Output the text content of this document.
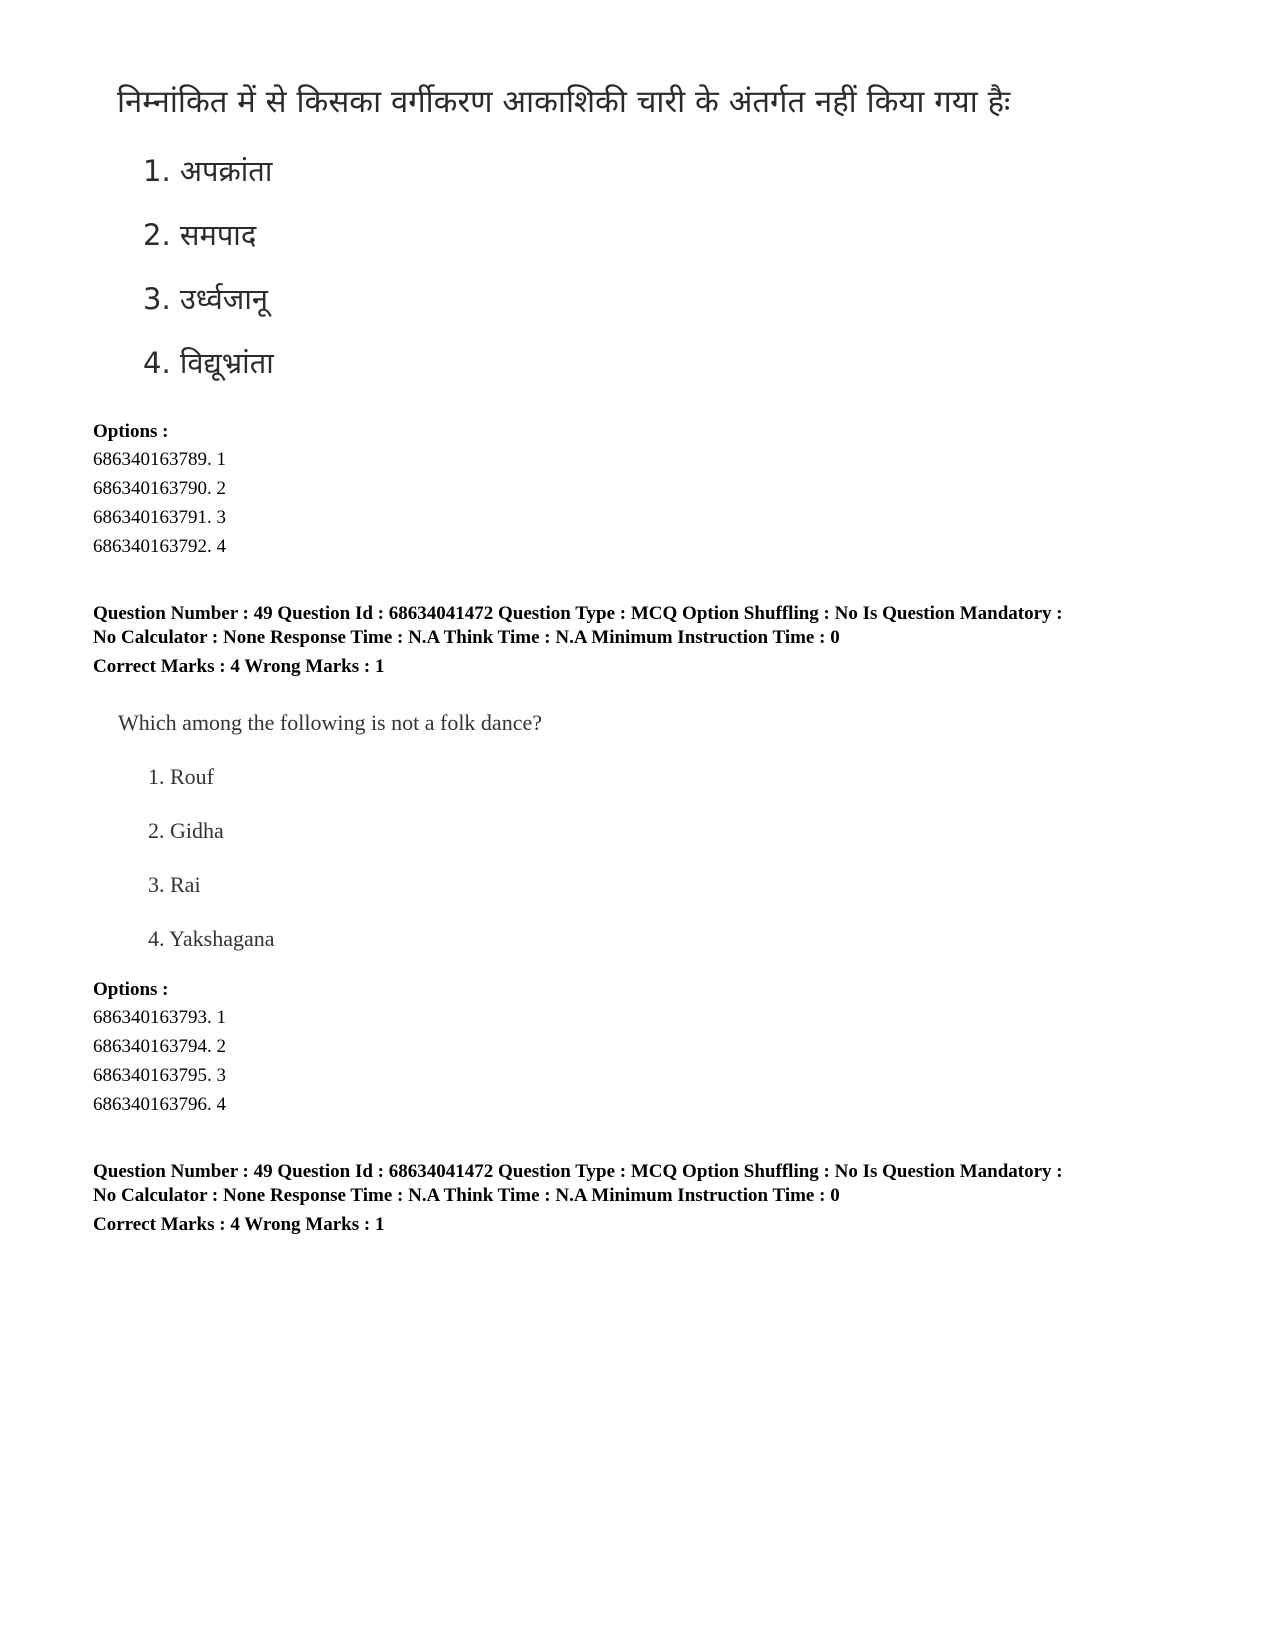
निम्नांकित में से किसका वर्गीकरण आकाशिकी चारी के अंतर्गत नहीं किया गया हैः
1. अपक्रांता
2. समपाद
3. उर्ध्वजानू
4. विद्यूभ्रांता
Options :
686340163789. 1
686340163790. 2
686340163791. 3
686340163792. 4
Question Number : 49 Question Id : 68634041472 Question Type : MCQ Option Shuffling : No Is Question Mandatory :
No Calculator : None Response Time : N.A Think Time : N.A Minimum Instruction Time : 0
Correct Marks : 4 Wrong Marks : 1
Which among the following is not a folk dance?
1. Rouf
2. Gidha
3. Rai
4. Yakshagana
Options :
686340163793. 1
686340163794. 2
686340163795. 3
686340163796. 4
Question Number : 49 Question Id : 68634041472 Question Type : MCQ Option Shuffling : No Is Question Mandatory :
No Calculator : None Response Time : N.A Think Time : N.A Minimum Instruction Time : 0
Correct Marks : 4 Wrong Marks : 1
